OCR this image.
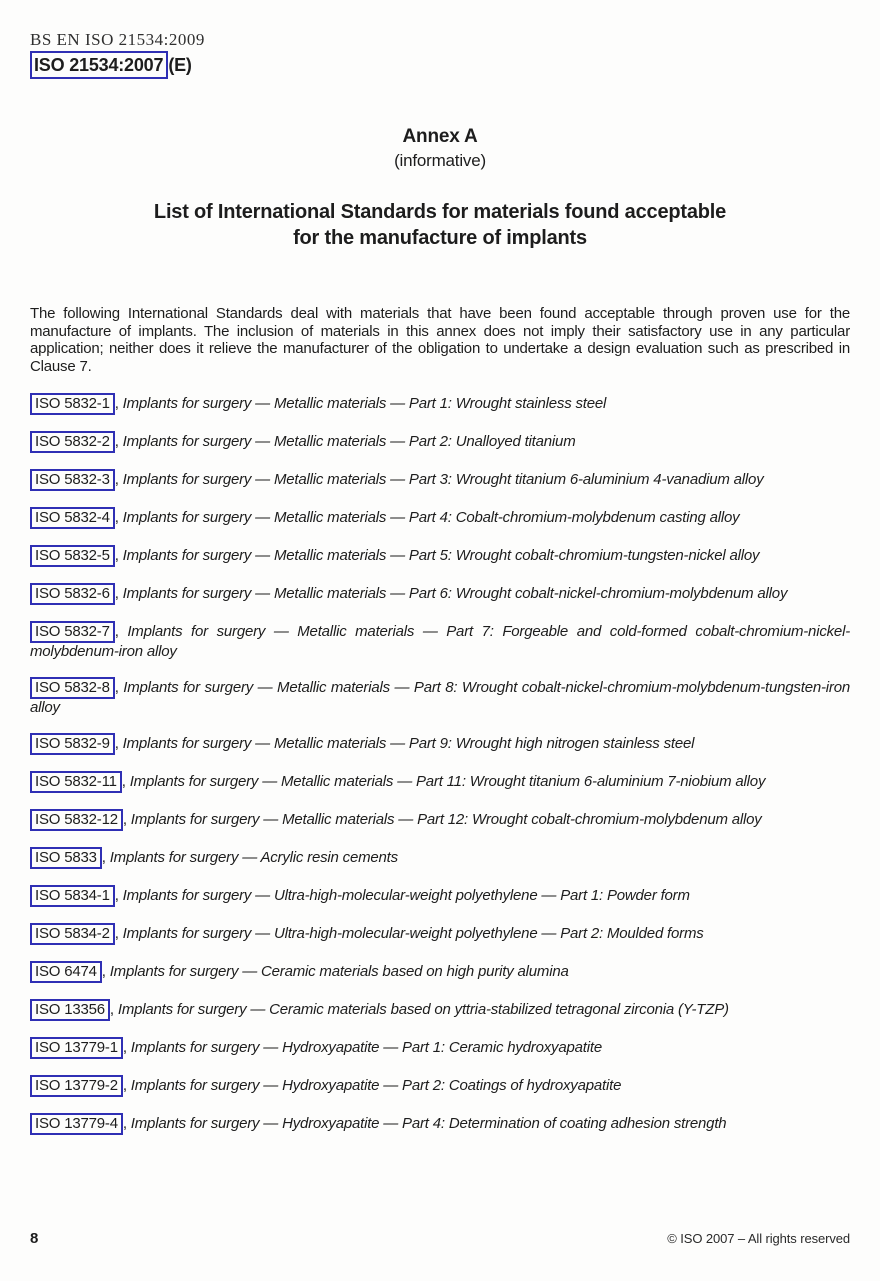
BS EN ISO 21534:2009
ISO 21534:2007 (E)
Annex A
(informative)
List of International Standards for materials found acceptable
for the manufacture of implants

The following International Standards deal with materials that have been found acceptable through proven use for the manufacture of implants. The inclusion of materials in this annex does not imply their satisfactory use in any particular application; neither does it relieve the manufacturer of the obligation to undertake a design evaluation such as prescribed in Clause 7.

ISO 5832-1 , Implants for surgery — Metallic materials — Part 1: Wrought stainless steel

ISO 5832-2 , Implants for surgery — Metallic materials — Part 2: Unalloyed titanium

ISO 5832-3 , Implants for surgery — Metallic materials — Part 3: Wrought titanium 6-aluminium 4-vanadium alloy

ISO 5832-4 , Implants for surgery — Metallic materials — Part 4: Cobalt-chromium-molybdenum casting alloy

ISO 5832-5 , Implants for surgery — Metallic materials — Part 5: Wrought cobalt-chromium-tungsten-nickel alloy

ISO 5832-6 , Implants for surgery — Metallic materials — Part 6: Wrought cobalt-nickel-chromium-molybdenum alloy

ISO 5832-7 , Implants for surgery — Metallic materials — Part 7: Forgeable and cold-formed cobalt-chromium-nickel-molybdenum-iron alloy

ISO 5832-8 , Implants for surgery — Metallic materials — Part 8: Wrought cobalt-nickel-chromium-molybdenum-tungsten-iron alloy

ISO 5832-9 , Implants for surgery — Metallic materials — Part 9: Wrought high nitrogen stainless steel

ISO 5832-11 , Implants for surgery — Metallic materials — Part 11: Wrought titanium 6-aluminium 7-niobium alloy

ISO 5832-12 , Implants for surgery — Metallic materials — Part 12: Wrought cobalt-chromium-molybdenum alloy

ISO 5833 , Implants for surgery — Acrylic resin cements

ISO 5834-1 , Implants for surgery — Ultra-high-molecular-weight polyethylene — Part 1: Powder form

ISO 5834-2 , Implants for surgery — Ultra-high-molecular-weight polyethylene — Part 2: Moulded forms

ISO 6474 , Implants for surgery — Ceramic materials based on high purity alumina

ISO 13356 , Implants for surgery — Ceramic materials based on yttria-stabilized tetragonal zirconia (Y-TZP)

ISO 13779-1 , Implants for surgery — Hydroxyapatite — Part 1: Ceramic hydroxyapatite

ISO 13779-2 , Implants for surgery — Hydroxyapatite — Part 2: Coatings of hydroxyapatite

ISO 13779-4 , Implants for surgery — Hydroxyapatite — Part 4: Determination of coating adhesion strength

8	© ISO 2007 – All rights reserved
